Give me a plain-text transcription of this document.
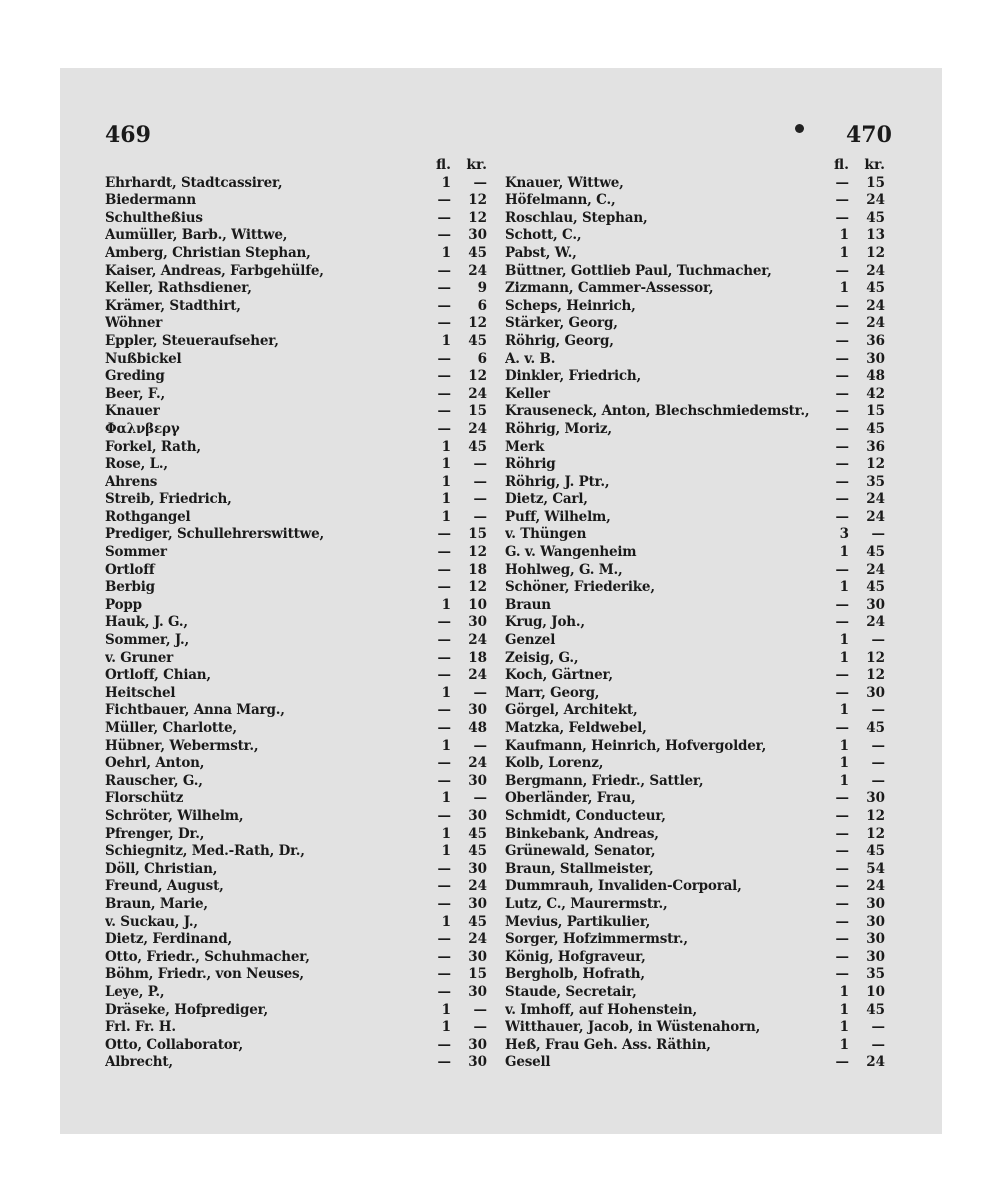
469	470
fl.	kr.
Ehrhardt, Stadtcassirer,	1	—
Biedermann	—	12
Schultheßius	—	12
Aumüller, Barb., Wittwe,	—	30
Amberg, Christian Stephan,	1	45
Kaiser, Andreas, Farbgehülfe,	—	24
Keller, Rathsdiener,	—	9
Krämer, Stadthirt,	—	6
Wöhner	—	12
Eppler, Steueraufseher,	1	45
Nußbickel	—	6
Greding	—	12
Beer, F.,	—	24
Knauer	—	15
Φαλνβεργ	—	24
Forkel, Rath,	1	45
Rose, L.,	1	—
Ahrens	1	—
Streib, Friedrich,	1	—
Rothgangel	1	—
Prediger, Schullehrerswittwe,	—	15
Sommer	—	12
Ortloff	—	18
Berbig	—	12
Popp	1	10
Hauk, J. G.,	—	30
Sommer, J.,	—	24
v. Gruner	—	18
Ortloff, Chian,	—	24
Heitschel	1	—
Fichtbauer, Anna Marg.,	—	30
Müller, Charlotte,	—	48
Hübner, Webermstr.,	1	—
Oehrl, Anton,	—	24
Rauscher, G.,	—	30
Florschütz	1	—
Schröter, Wilhelm,	—	30
Pfrenger, Dr.,	1	45
Schiegnitz, Med.-Rath, Dr.,	1	45
Döll, Christian,	—	30
Freund, August,	—	24
Braun, Marie,	—	30
v. Suckau, J.,	1	45
Dietz, Ferdinand,	—	24
Otto, Friedr., Schuhmacher,	—	30
Böhm, Friedr., von Neuses,	—	15
Leye, P.,	—	30
Dräseke, Hofprediger,	1	—
Frl. Fr. H.	1	—
Otto, Collaborator,	—	30
Albrecht,	—	30
fl.	kr.
Knauer, Wittwe,	—	15
Höfelmann, C.,	—	24
Roschlau, Stephan,	—	45
Schott, C.,	1	13
Pabst, W.,	1	12
Büttner, Gottlieb Paul, Tuchmacher,	—	24
Zizmann, Cammer-Assessor,	1	45
Scheps, Heinrich,	—	24
Stärker, Georg,	—	24
Röhrig, Georg,	—	36
A. v. B.	—	30
Dinkler, Friedrich,	—	48
Keller	—	42
Krauseneck, Anton, Blechschmiedemstr.,	—	15
Röhrig, Moriz,	—	45
Merk	—	36
Röhrig	—	12
Röhrig, J. Ptr.,	—	35
Dietz, Carl,	—	24
Puff, Wilhelm,	—	24
v. Thüngen	3	—
G. v. Wangenheim	1	45
Hohlweg, G. M.,	—	24
Schöner, Friederike,	1	45
Braun	—	30
Krug, Joh.,	—	24
Genzel	1	—
Zeisig, G.,	1	12
Koch, Gärtner,	—	12
Marr, Georg,	—	30
Görgel, Architekt,	1	—
Matzka, Feldwebel,	—	45
Kaufmann, Heinrich, Hofvergolder,	1	—
Kolb, Lorenz,	1	—
Bergmann, Friedr., Sattler,	1	—
Oberländer, Frau,	—	30
Schmidt, Conducteur,	—	12
Binkebank, Andreas,	—	12
Grünewald, Senator,	—	45
Braun, Stallmeister,	—	54
Dummrauh, Invaliden-Corporal,	—	24
Lutz, C., Maurermstr.,	—	30
Mevius, Partikulier,	—	30
Sorger, Hofzimmermstr.,	—	30
König, Hofgraveur,	—	30
Bergholb, Hofrath,	—	35
Staude, Secretair,	1	10
v. Imhoff, auf Hohenstein,	1	45
Witthauer, Jacob, in Wüstenahorn,	1	—
Heß, Frau Geh. Ass. Räthin,	1	—
Gesell	—	24
